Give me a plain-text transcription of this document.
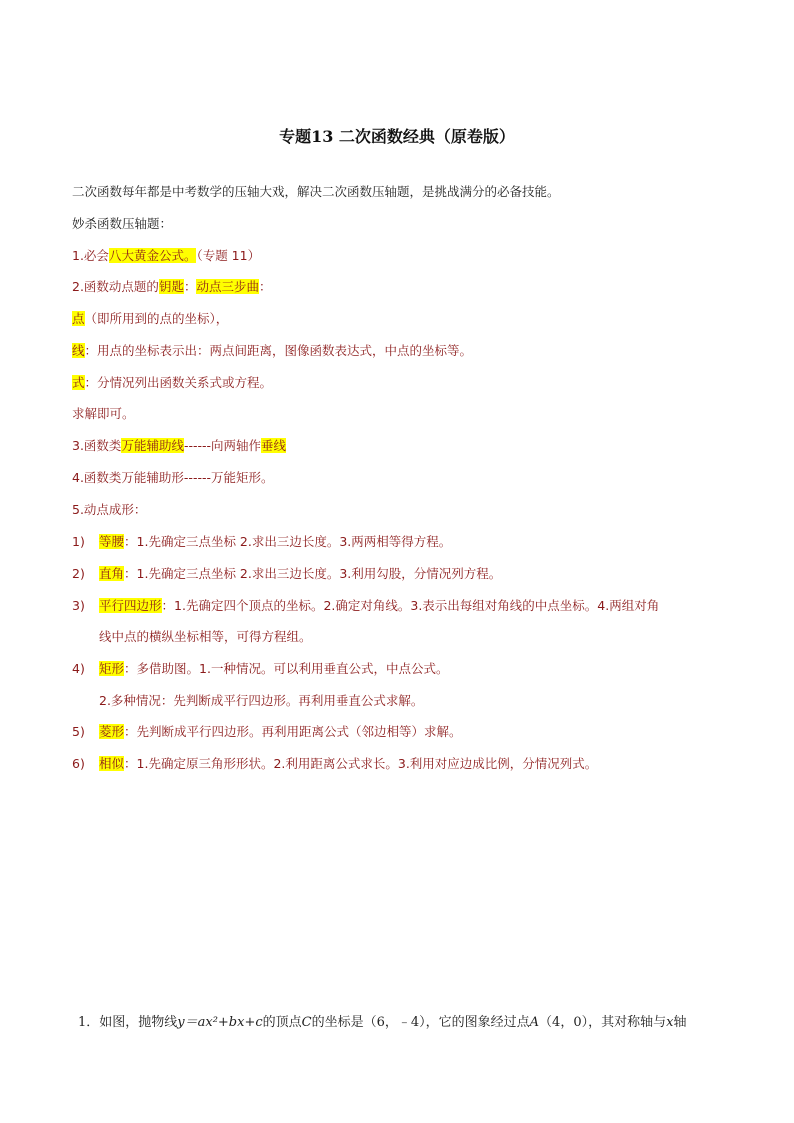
专题13 二次函数经典（原卷版）
二次函数每年都是中考数学的压轴大戏，解决二次函数压轴题，是挑战满分的必备技能。
妙杀函数压轴题：
1.必会八大黄金公式。（专题 11）
2.函数动点题的钥匙：动点三步曲：
点（即所用到的点的坐标），
线：用点的坐标表示出：两点间距离，图像函数表达式，中点的坐标等。
式：分情况列出函数关系式或方程。
求解即可。
3.函数类万能辅助线------向两轴作垂线
4.函数类万能辅助形------万能矩形。
5.动点成形：
1) 等腰：1.先确定三点坐标 2.求出三边长度。3.两两相等得方程。
2) 直角：1.先确定三点坐标 2.求出三边长度。3.利用勾股，分情况列方程。
3) 平行四边形：1.先确定四个顶点的坐标。2.确定对角线。3.表示出每组对角线的中点坐标。4.两组对角
线中点的横纵坐标相等，可得方程组。
4) 矩形：多借助图。1.一种情况。可以利用垂直公式，中点公式。
2.多种情况：先判断成平行四边形。再利用垂直公式求解。
5) 菱形：先判断成平行四边形。再利用距离公式（邻边相等）求解。
6) 相似：1.先确定原三角形形状。2.利用距离公式求长。3.利用对应边成比例，分情况列式。
1．如图，抛物线y＝ax²+bx+c的顶点C的坐标是（6，﹣4），它的图象经过点A（4，0），其对称轴与x轴
